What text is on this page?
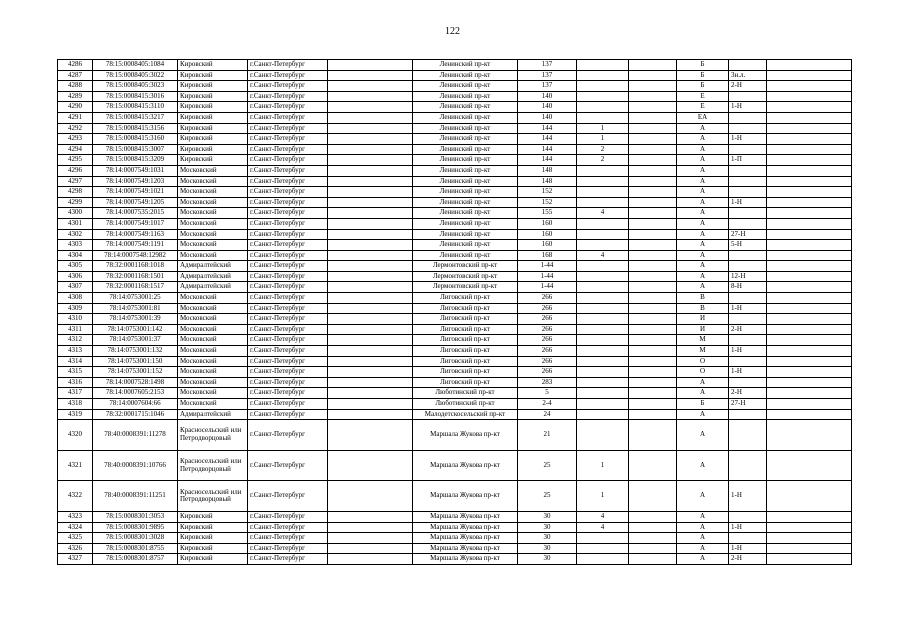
122
4286	78:15:0008405:1084	Кировский	г.Санкт-Петербург		Ленинский пр-кт	137			Б		
4287	78:15:0008405:3022	Кировский	г.Санкт-Петербург		Ленинский пр-кт	137			Б	3н.л.	
4288	78:15:0008405:3023	Кировский	г.Санкт-Петербург		Ленинский пр-кт	137			Б	2-Н	
4289	78:15:0008415:3016	Кировский	г.Санкт-Петербург		Ленинский пр-кт	140			Е		
4290	78:15:0008415:3110	Кировский	г.Санкт-Петербург		Ленинский пр-кт	140			Е	1-Н	
4291	78:15:0008415:3217	Кировский	г.Санкт-Петербург		Ленинский пр-кт	140			ЕА		
4292	78:15:0008415:3156	Кировский	г.Санкт-Петербург		Ленинский пр-кт	144	1		А		
4293	78:15:0008415:3160	Кировский	г.Санкт-Петербург		Ленинский пр-кт	144	1		А	1-Н	
4294	78:15:0008415:3007	Кировский	г.Санкт-Петербург		Ленинский пр-кт	144	2		А		
4295	78:15:0008415:3209	Кировский	г.Санкт-Петербург		Ленинский пр-кт	144	2		А	1-П	
4296	78:14:0007549:1031	Московский	г.Санкт-Петербург		Ленинский пр-кт	148			А		
4297	78:14:0007549:1203	Московский	г.Санкт-Петербург		Ленинский пр-кт	148			А		
4298	78:14:0007549:1021	Московский	г.Санкт-Петербург		Ленинский пр-кт	152			А		
4299	78:14:0007549:1205	Московский	г.Санкт-Петербург		Ленинский пр-кт	152			А	1-Н	
4300	78:14:0007535:2015	Московский	г.Санкт-Петербург		Ленинский пр-кт	155	4		А		
4301	78:14:0007549:1017	Московский	г.Санкт-Петербург		Ленинский пр-кт	160			А		
4302	78:14:0007549:1163	Московский	г.Санкт-Петербург		Ленинский пр-кт	160			А	27-Н	
4303	78:14:0007549:1191	Московский	г.Санкт-Петербург		Ленинский пр-кт	160			А	5-Н	
4304	78:14:0007548:12982	Московский	г.Санкт-Петербург		Ленинский пр-кт	168	4		А		
4305	78:32:0001168:1018	Адмиралтейский	г.Санкт-Петербург		Лермонтовский пр-кт	1-44			А		
4306	78:32:0001168:1501	Адмиралтейский	г.Санкт-Петербург		Лермонтовский пр-кт	1-44			А	12-Н	
4307	78:32:0001168:1517	Адмиралтейский	г.Санкт-Петербург		Лермонтовский пр-кт	1-44			А	8-Н	
4308	78:14:0753001:25	Московский	г.Санкт-Петербург		Лиговский пр-кт	266			В		
4309	78:14:0753001:81	Московский	г.Санкт-Петербург		Лиговский пр-кт	266			В	1-Н	
4310	78:14:0753001:39	Московский	г.Санкт-Петербург		Лиговский пр-кт	266			И		
4311	78:14:0753001:142	Московский	г.Санкт-Петербург		Лиговский пр-кт	266			И	2-Н	
4312	78:14:0753001:37	Московский	г.Санкт-Петербург		Лиговский пр-кт	266			М		
4313	78:14:0753001:132	Московский	г.Санкт-Петербург		Лиговский пр-кт	266			М	1-Н	
4314	78:14:0753001:150	Московский	г.Санкт-Петербург		Лиговский пр-кт	266			О		
4315	78:14:0753001:152	Московский	г.Санкт-Петербург		Лиговский пр-кт	266			О	1-Н	
4316	78:14:0007528:1498	Московский	г.Санкт-Петербург		Лиговский пр-кт	283			А		
4317	78:14:0007605:2153	Московский	г.Санкт-Петербург		Люботинский пр-кт	5			А	2-Н	
4318	78:14:0007604:66	Московский	г.Санкт-Петербург		Люботинский пр-кт	2-4			Б	27-Н	
4319	78:32:0001715:1046	Адмиралтейский	г.Санкт-Петербург		Малодетскосельский пр-кт	24			А		
4320	78:40:0008391:11278	Красносельский или Петродворцовый	г.Санкт-Петербург		Маршала Жукова пр-кт	21			А		
4321	78:40:0008391:10766	Красносельский или Петродворцовый	г.Санкт-Петербург		Маршала Жукова пр-кт	25	1		А		
4322	78:40:0008391:11251	Красносельский или Петродворцовый	г.Санкт-Петербург		Маршала Жукова пр-кт	25	1		А	1-Н	
4323	78:15:0008301:3053	Кировский	г.Санкт-Петербург		Маршала Жукова пр-кт	30	4		А		
4324	78:15:0008301:9895	Кировский	г.Санкт-Петербург		Маршала Жукова пр-кт	30	4		А	1-Н	
4325	78:15:0008301:3028	Кировский	г.Санкт-Петербург		Маршала Жукова пр-кт	30			А		
4326	78:15:0008301:8755	Кировский	г.Санкт-Петербург		Маршала Жукова пр-кт	30			А	1-Н	
4327	78:15:0008301:8757	Кировский	г.Санкт-Петербург		Маршала Жукова пр-кт	30			А	2-Н	
